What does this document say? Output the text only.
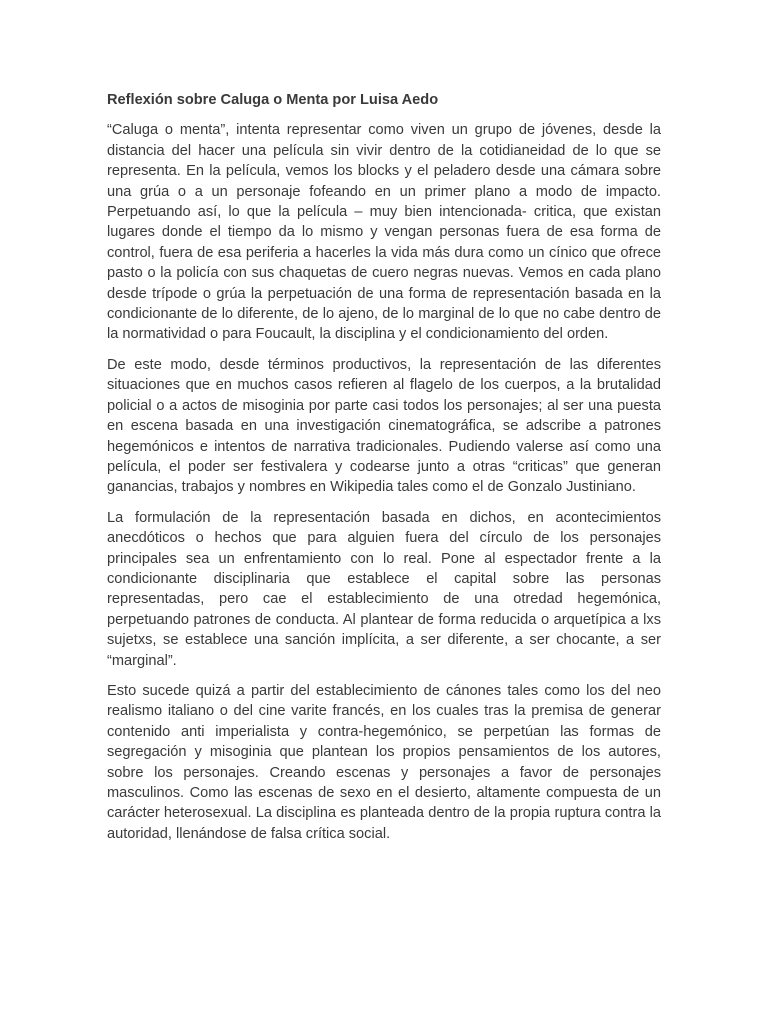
Reflexión sobre Caluga o Menta por Luisa Aedo

“Caluga o menta”, intenta representar como viven un grupo de jóvenes, desde la distancia del hacer una película sin vivir dentro de la cotidianeidad de lo que se representa. En la película, vemos los blocks y el peladero desde una cámara sobre una grúa o a un personaje fofeando en un primer plano a modo de impacto. Perpetuando así, lo que la película – muy bien intencionada- critica, que existan lugares donde el tiempo da lo mismo y vengan personas fuera de esa forma de control, fuera de esa periferia a hacerles la vida más dura como un cínico que ofrece pasto o la policía con sus chaquetas de cuero negras nuevas. Vemos en cada plano desde trípode o grúa la perpetuación de una forma de representación basada en la condicionante de lo diferente, de lo ajeno, de lo marginal de lo que no cabe dentro de la normatividad o para Foucault, la disciplina y el condicionamiento del orden.

De este modo, desde términos productivos, la representación de las diferentes situaciones que en muchos casos refieren al flagelo de los cuerpos, a la brutalidad policial o a actos de misoginia por parte casi todos los personajes; al ser una puesta en escena basada en una investigación cinematográfica, se adscribe a patrones hegemónicos e intentos de narrativa tradicionales. Pudiendo valerse así como una película, el poder ser festivalera y codearse junto a otras “criticas” que generan ganancias, trabajos y nombres en Wikipedia tales como el de Gonzalo Justiniano.

La formulación de la representación basada en dichos, en acontecimientos anecdóticos o hechos que para alguien fuera del círculo de los personajes principales sea un enfrentamiento con lo real. Pone al espectador frente a la condicionante disciplinaria que establece el capital sobre las personas representadas, pero cae el establecimiento de una otredad hegemónica, perpetuando patrones de conducta. Al plantear de forma reducida o arquetípica a lxs sujetxs, se establece una sanción implícita, a ser diferente, a ser chocante, a ser “marginal”.

Esto sucede quizá a partir del establecimiento de cánones tales como los del neo realismo italiano o del cine varite francés, en los cuales tras la premisa de generar contenido anti imperialista y contra-hegemónico, se perpetúan las formas de segregación y misoginia que plantean los propios pensamientos de los autores, sobre los personajes. Creando escenas y personajes a favor de personajes masculinos. Como las escenas de sexo en el desierto, altamente compuesta de un carácter heterosexual. La disciplina es planteada dentro de la propia ruptura contra la autoridad, llenándose de falsa crítica social.
